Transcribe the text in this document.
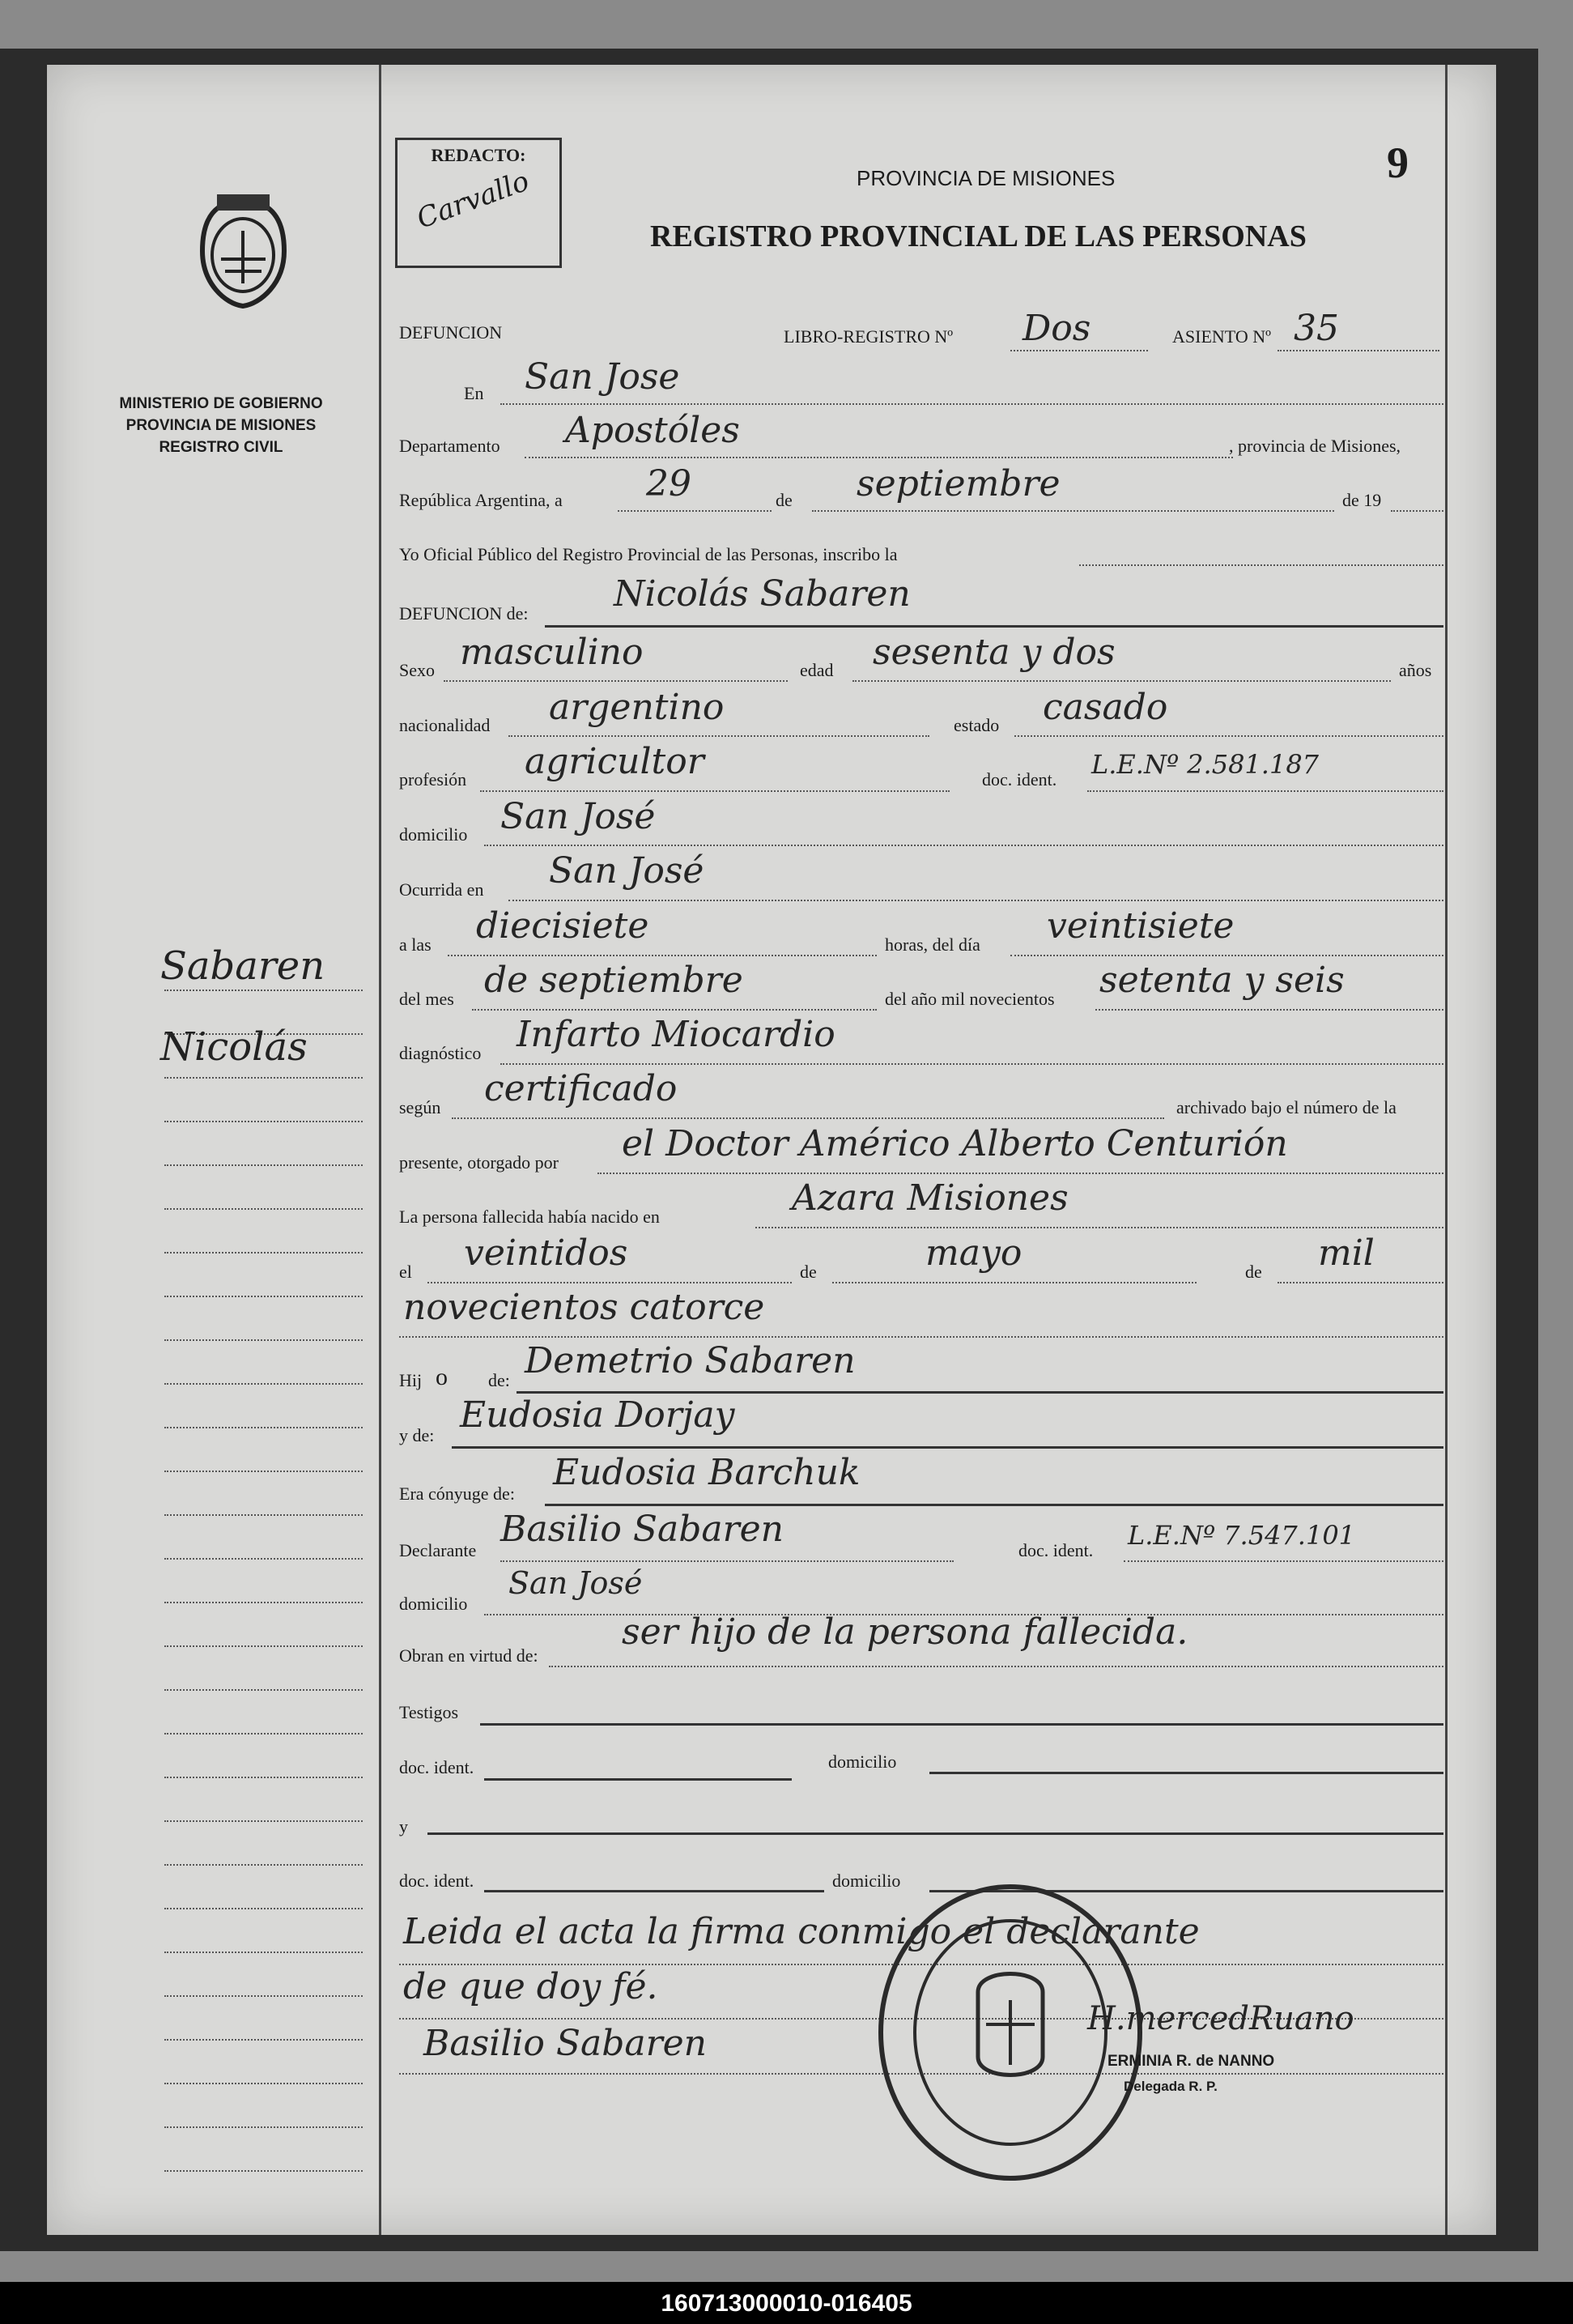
MINISTERIO DE GOBIERNO
PROVINCIA DE MISIONES
REGISTRO CIVIL
Sabaren
Nicolás
REDACTO:
Carvallo
9
PROVINCIA DE MISIONES
REGISTRO PROVINCIAL DE LAS PERSONAS
DEFUNCION	LIBRO-REGISTRO Nº Dos	ASIENTO Nº 35
En San Jose
Departamento Apostóles	, provincia de Misiones,
República Argentina, a 29	de septiembre	de 19
Yo Oficial Público del Registro Provincial de las Personas, inscribo la
DEFUNCION de: Nicolás Sabaren
Sexo masculino	edad sesenta y dos	años
nacionalidad argentino	estado casado
profesión agricultor	doc. ident. L.E.Nº 2.581.187
domicilio San José
Ocurrida en San José
a las diecisiete	horas, del día veintisiete
del mes de septiembre	del año mil novecientos setenta y seis
diagnóstico Infarto Miocardio
según certificado	archivado bajo el número de la
presente, otorgado por el Doctor Américo Alberto Centurión
La persona fallecida había nacido en	Azara Misiones
el veintidos	de	mayo	de mil
novecientos catorce
Hij o de: Demetrio Sabaren
y de: Eudosia Dorjay
Era cónyuge de:
Eudosia Barchuk
Declarante
Basilio Sabaren
doc. ident. L.E.Nº 7.547.101
domicilio
San José
Obran en virtud de:
ser hijo de la persona fallecida.
Testigos
doc. ident.	domicilio
y
doc. ident.	domicilio
Leida el acta la firma conmigo el declarante
de que doy fé.
Basilio Sabaren
H.mercedRuano
ERMINIA R. de NANNO
Delegada R. P.
160713000010-016405
